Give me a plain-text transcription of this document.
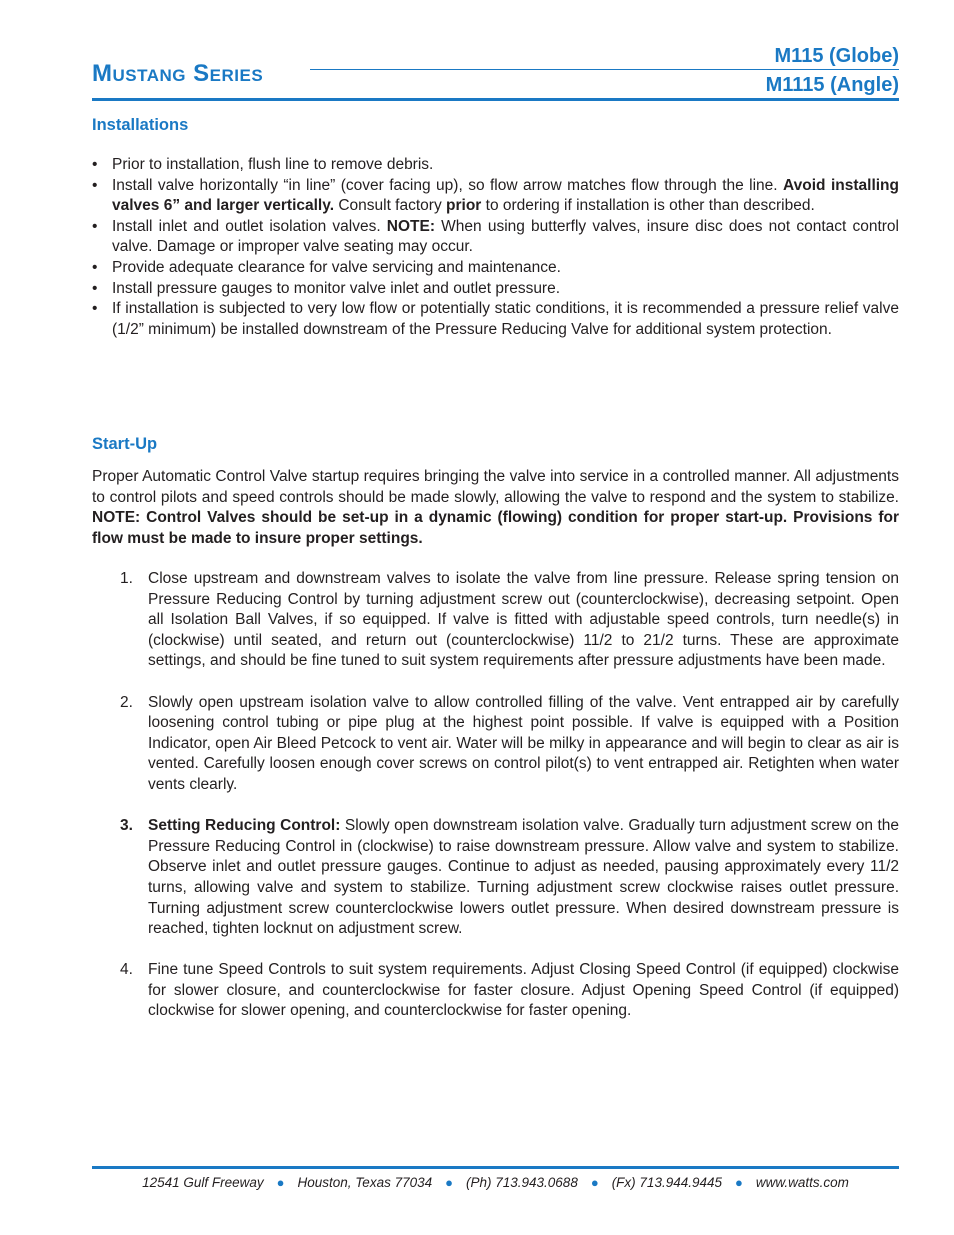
Mustang Series
M115 (Globe)
M1115 (Angle)
Installations
• Prior to installation, flush line to remove debris.
• Install valve horizontally “in line” (cover facing up), so flow arrow matches flow through the line. Avoid installing valves 6” and larger vertically. Consult factory prior to ordering if installation is other than described.
• Install inlet and outlet isolation valves. NOTE: When using butterfly valves, insure disc does not contact control valve. Damage or improper valve seating may occur.
• Provide adequate clearance for valve servicing and maintenance.
• Install pressure gauges to monitor valve inlet and outlet pressure.
• If installation is subjected to very low flow or potentially static conditions, it is recommended a pressure relief valve (1/2” minimum) be installed downstream of the Pressure Reducing Valve for additional system protection.
Start-Up

Proper Automatic Control Valve startup requires bringing the valve into service in a controlled manner. All adjustments to control pilots and speed controls should be made slowly, allowing the valve to respond and the system to stabilize. NOTE: Control Valves should be set-up in a dynamic (flowing) condition for proper start-up. Provisions for flow must be made to insure proper settings.

1. Close upstream and downstream valves to isolate the valve from line pressure. Release spring tension on Pressure Reducing Control by turning adjustment screw out (counterclockwise), decreasing setpoint. Open all Isolation Ball Valves, if so equipped. If valve is fitted with adjustable speed controls, turn needle(s) in (clockwise) until seated, and return out (counterclockwise) 11/2 to 21/2 turns. These are approximate settings, and should be fine tuned to suit system requirements after pressure adjustments have been made.
2. Slowly open upstream isolation valve to allow controlled filling of the valve. Vent entrapped air by carefully loosening control tubing or pipe plug at the highest point possible. If valve is equipped with a Position Indicator, open Air Bleed Petcock to vent air. Water will be milky in appearance and will begin to clear as air is vented. Carefully loosen enough cover screws on control pilot(s) to vent entrapped air. Retighten when water vents clearly.
3. Setting Reducing Control: Slowly open downstream isolation valve. Gradually turn adjustment screw on the Pressure Reducing Control in (clockwise) to raise downstream pressure. Allow valve and system to stabilize. Observe inlet and outlet pressure gauges. Continue to adjust as needed, pausing approximately every 11/2 turns, allowing valve and system to stabilize. Turning adjustment screw clockwise raises outlet pressure. Turning adjustment screw counterclockwise lowers outlet pressure. When desired downstream pressure is reached, tighten locknut on adjustment screw.
4. Fine tune Speed Controls to suit system requirements. Adjust Closing Speed Control (if equipped) clockwise for slower closure, and counterclockwise for faster closure. Adjust Opening Speed Control (if equipped) clockwise for slower opening, and counterclockwise for faster opening.
12541 Gulf Freeway ● Houston, Texas 77034 ● (Ph) 713.943.0688 ● (Fx) 713.944.9445 ● www.watts.com
